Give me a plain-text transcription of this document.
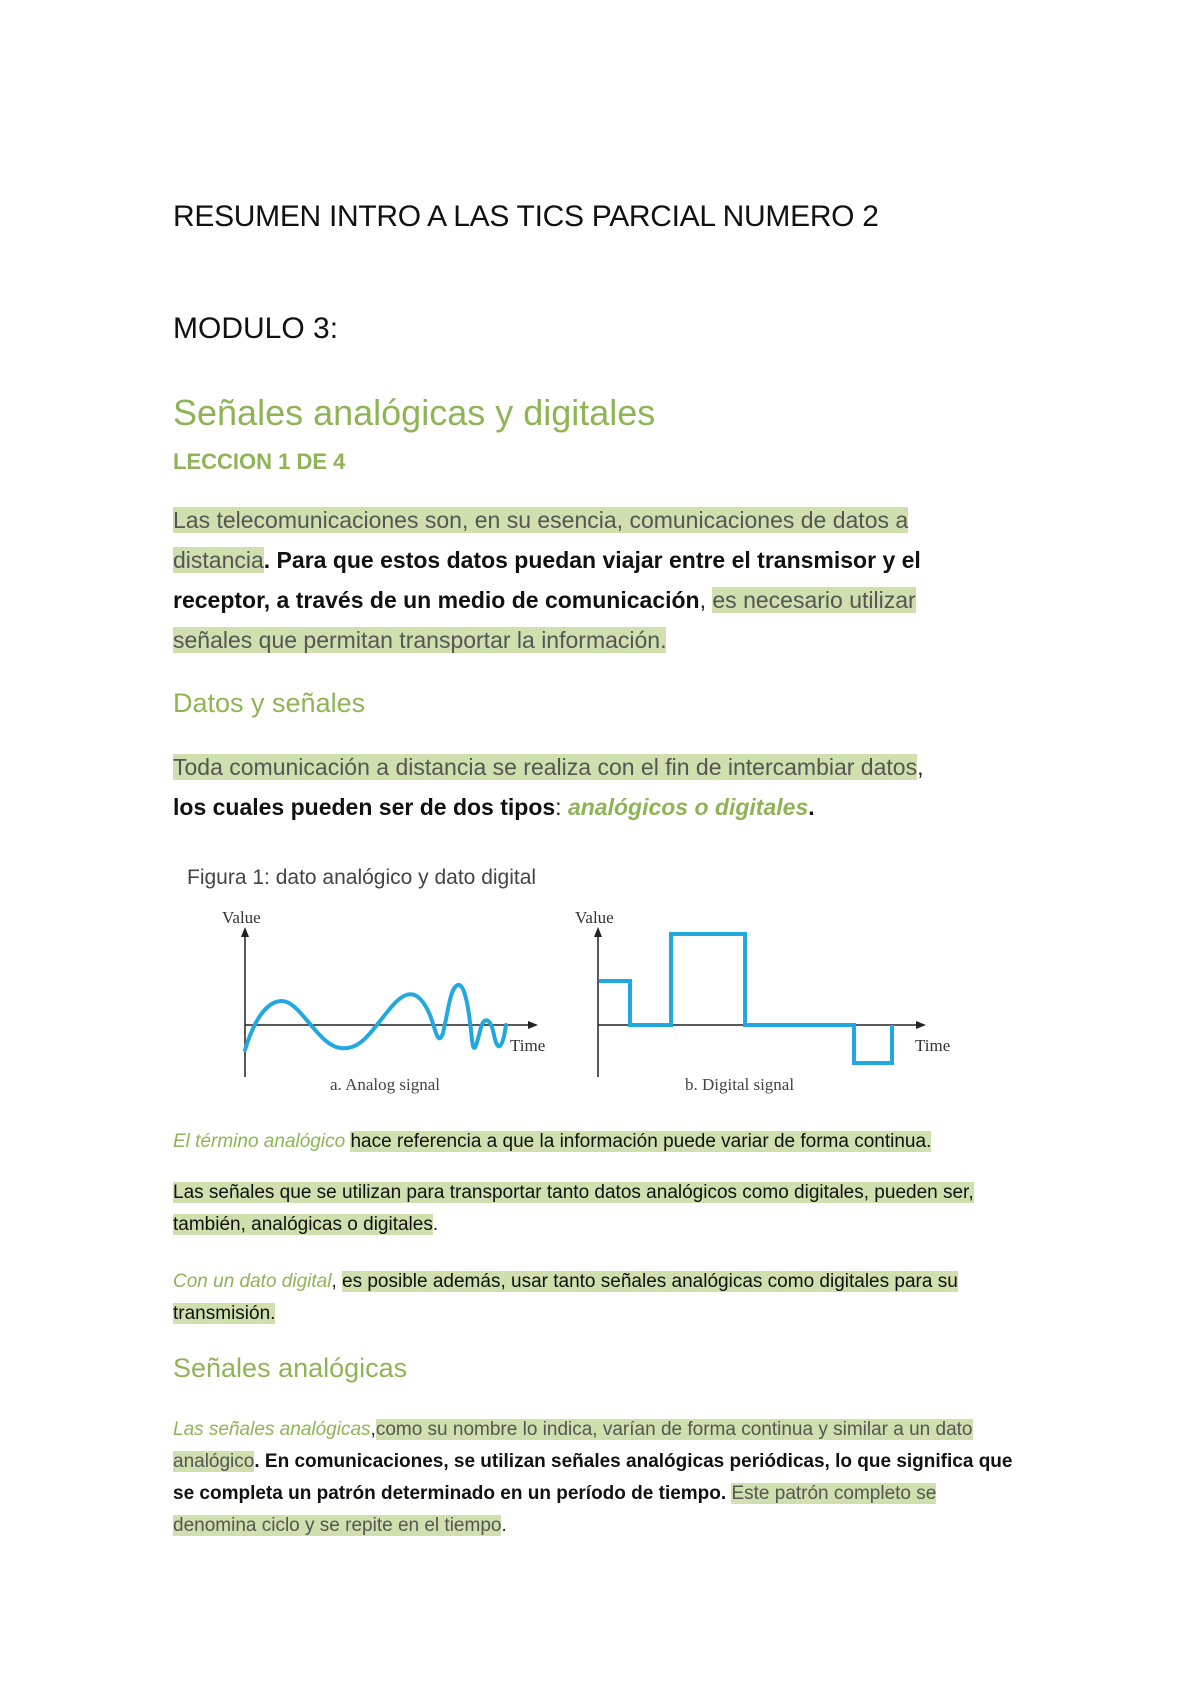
RESUMEN INTRO A LAS TICS PARCIAL NUMERO 2
MODULO 3:
Señales analógicas y digitales
LECCION 1 DE 4
Las telecomunicaciones son, en su esencia, comunicaciones de datos a
distancia. Para que estos datos puedan viajar entre el transmisor y el
receptor, a través de un medio de comunicación, es necesario utilizar
señales que permitan transportar la información.
Datos y señales
Toda comunicación a distancia se realiza con el fin de intercambiar datos,
los cuales pueden ser de dos tipos: analógicos o digitales.
Figura 1: dato analógico y dato digital
Value
Time
a. Analog signal
Value
Time
b. Digital signal
El término analógico hace referencia a que la información puede variar de forma continua.
Las señales que se utilizan para transportar tanto datos analógicos como digitales, pueden ser,
también, analógicas o digitales.
Con un dato digital, es posible además, usar tanto señales analógicas como digitales para su
transmisión.
Señales analógicas
Las señales analógicas,como su nombre lo indica, varían de forma continua y similar a un dato
analógico. En comunicaciones, se utilizan señales analógicas periódicas, lo que significa que
se completa un patrón determinado en un período de tiempo. Este patrón completo se
denomina ciclo y se repite en el tiempo.
